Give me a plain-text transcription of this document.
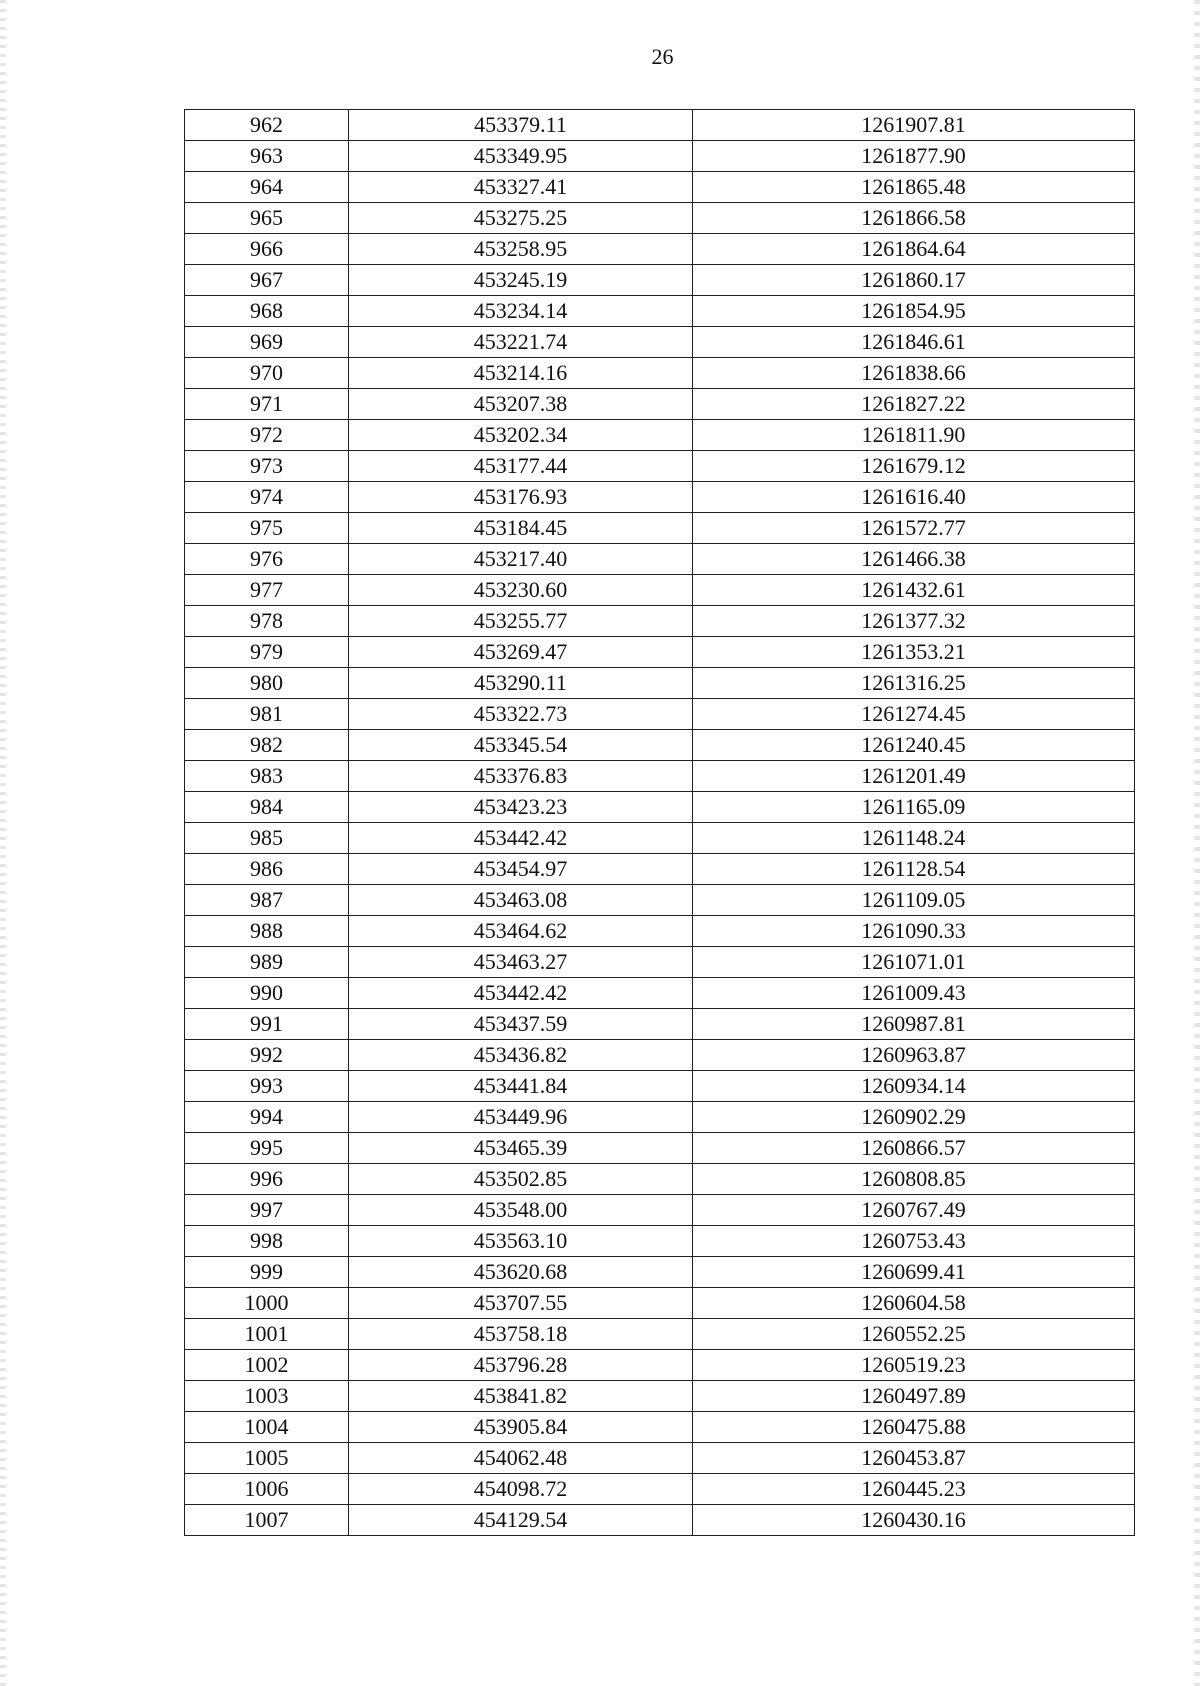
26
962	453379.11	1261907.81
963	453349.95	1261877.90
964	453327.41	1261865.48
965	453275.25	1261866.58
966	453258.95	1261864.64
967	453245.19	1261860.17
968	453234.14	1261854.95
969	453221.74	1261846.61
970	453214.16	1261838.66
971	453207.38	1261827.22
972	453202.34	1261811.90
973	453177.44	1261679.12
974	453176.93	1261616.40
975	453184.45	1261572.77
976	453217.40	1261466.38
977	453230.60	1261432.61
978	453255.77	1261377.32
979	453269.47	1261353.21
980	453290.11	1261316.25
981	453322.73	1261274.45
982	453345.54	1261240.45
983	453376.83	1261201.49
984	453423.23	1261165.09
985	453442.42	1261148.24
986	453454.97	1261128.54
987	453463.08	1261109.05
988	453464.62	1261090.33
989	453463.27	1261071.01
990	453442.42	1261009.43
991	453437.59	1260987.81
992	453436.82	1260963.87
993	453441.84	1260934.14
994	453449.96	1260902.29
995	453465.39	1260866.57
996	453502.85	1260808.85
997	453548.00	1260767.49
998	453563.10	1260753.43
999	453620.68	1260699.41
1000	453707.55	1260604.58
1001	453758.18	1260552.25
1002	453796.28	1260519.23
1003	453841.82	1260497.89
1004	453905.84	1260475.88
1005	454062.48	1260453.87
1006	454098.72	1260445.23
1007	454129.54	1260430.16
